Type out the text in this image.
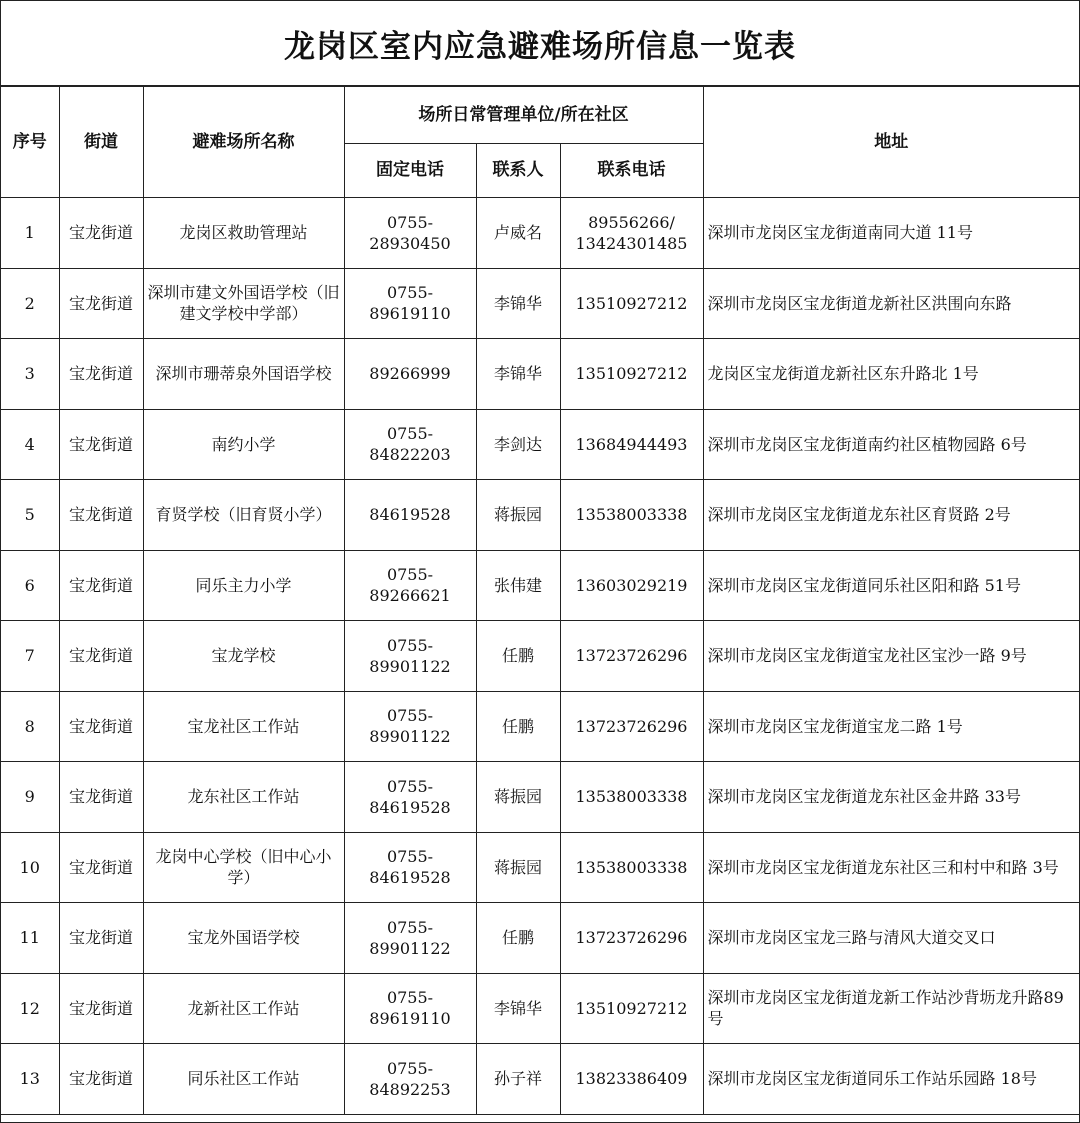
龙岗区室内应急避难场所信息一览表
序号	街道	避难场所名称	场所日常管理单位/所在社区			地址
			固定电话	联系人	联系电话	
1	宝龙街道	龙岗区救助管理站	0755-28930450	卢威名	89556266/ 13424301485	深圳市龙岗区宝龙街道南同大道 11号
2	宝龙街道	深圳市建文外国语学校（旧建文学校中学部）	0755-89619110	李锦华	13510927212	深圳市龙岗区宝龙街道龙新社区洪围向东路
3	宝龙街道	深圳市珊蒂泉外国语学校	89266999	李锦华	13510927212	龙岗区宝龙街道龙新社区东升路北 1号
4	宝龙街道	南约小学	0755-84822203	李剑达	13684944493	深圳市龙岗区宝龙街道南约社区植物园路 6号
5	宝龙街道	育贤学校（旧育贤小学）	84619528	蒋振园	13538003338	深圳市龙岗区宝龙街道龙东社区育贤路 2号
6	宝龙街道	同乐主力小学	0755-89266621	张伟建	13603029219	深圳市龙岗区宝龙街道同乐社区阳和路 51号
7	宝龙街道	宝龙学校	0755-89901122	任鹏	13723726296	深圳市龙岗区宝龙街道宝龙社区宝沙一路 9号
8	宝龙街道	宝龙社区工作站	0755-89901122	任鹏	13723726296	深圳市龙岗区宝龙街道宝龙二路 1号
9	宝龙街道	龙东社区工作站	0755-84619528	蒋振园	13538003338	深圳市龙岗区宝龙街道龙东社区金井路 33号
10	宝龙街道	龙岗中心学校（旧中心小学）	0755-84619528	蒋振园	13538003338	深圳市龙岗区宝龙街道龙东社区三和村中和路 3号
11	宝龙街道	宝龙外国语学校	0755-89901122	任鹏	13723726296	深圳市龙岗区宝龙三路与清风大道交叉口
12	宝龙街道	龙新社区工作站	0755-89619110	李锦华	13510927212	深圳市龙岗区宝龙街道龙新工作站沙背坜龙升路89号
13	宝龙街道	同乐社区工作站	0755-84892253	孙子祥	13823386409	深圳市龙岗区宝龙街道同乐工作站乐园路 18号
